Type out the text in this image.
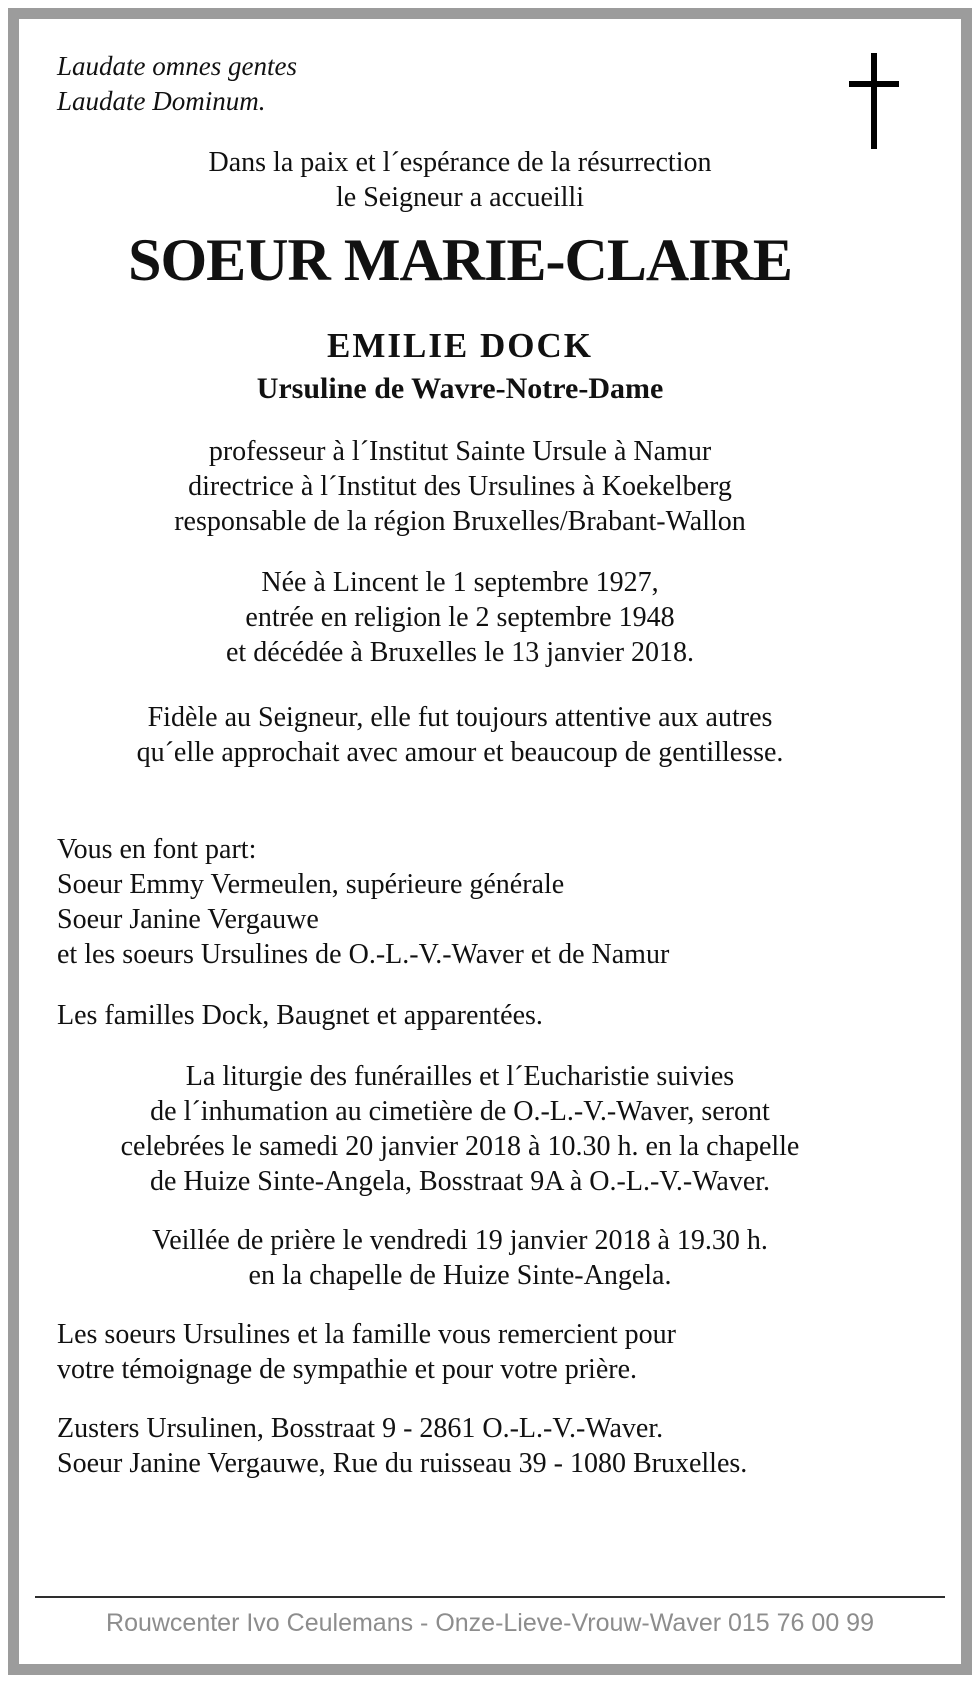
Laudate omnes gentes
Laudate Dominum.
Dans la paix et l´espérance de la résurrection
le Seigneur a accueilli
SOEUR MARIE-CLAIRE
EMILIE DOCK
Ursuline de Wavre-Notre-Dame
professeur à l´Institut Sainte Ursule à Namur
directrice à l´Institut des Ursulines à Koekelberg
responsable de la région Bruxelles/Brabant-Wallon
Née à Lincent le 1 septembre 1927,
entrée en religion le 2 septembre 1948
et décédée à Bruxelles le 13 janvier 2018.
Fidèle au Seigneur, elle fut toujours attentive aux autres
qu´elle approchait avec amour et beaucoup de gentillesse.
Vous en font part:
Soeur Emmy Vermeulen, supérieure générale
Soeur Janine Vergauwe
et les soeurs Ursulines de O.-L.-V.-Waver et de Namur
Les familles Dock, Baugnet et apparentées.
La liturgie des funérailles et l´Eucharistie suivies
de l´inhumation au cimetière de O.-L.-V.-Waver, seront
celebrées le samedi 20 janvier 2018 à 10.30 h. en la chapelle
de Huize Sinte-Angela, Bosstraat 9A à O.-L.-V.-Waver.
Veillée de prière le vendredi 19 janvier 2018 à 19.30 h.
en la chapelle de Huize Sinte-Angela.
Les soeurs Ursulines et la famille vous remercient pour
votre témoignage de sympathie et pour votre prière.
Zusters Ursulinen, Bosstraat 9 - 2861 O.-L.-V.-Waver.
Soeur Janine Vergauwe, Rue du ruisseau 39 - 1080 Bruxelles.
Rouwcenter Ivo Ceulemans - Onze-Lieve-Vrouw-Waver 015 76 00 99
